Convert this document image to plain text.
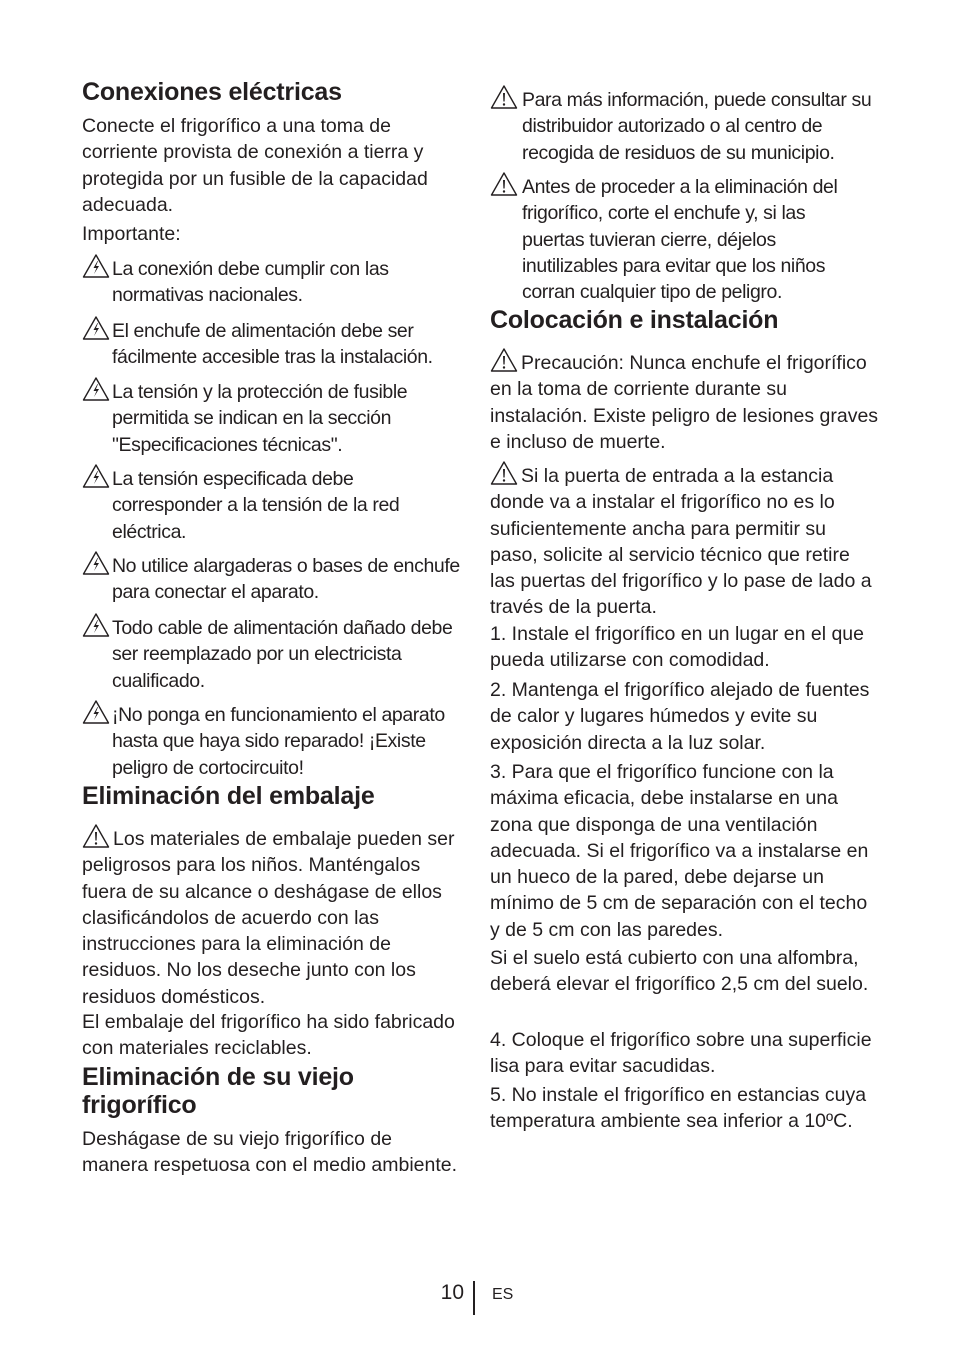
Conexiones eléctricas

Conecte el frigorífico a una toma de corriente provista de conexión a tierra y protegida por un fusible de la capacidad adecuada.

Importante:

La conexión debe cumplir con las normativas nacionales.
El enchufe de alimentación debe ser fácilmente accesible tras la instalación.
La tensión y la protección de fusible permitida se indican en la sección "Especificaciones técnicas".
La tensión especificada debe corresponder a la tensión de la red eléctrica.
No utilice alargaderas o bases de enchufe para conectar el aparato.
Todo cable de alimentación dañado debe ser reemplazado por un electricista cualificado.
¡No ponga en funcionamiento el aparato hasta que haya sido reparado! ¡Existe peligro de cortocircuito!
Eliminación del embalaje

Los materiales de embalaje pueden ser peligrosos para los niños. Manténgalos fuera de su alcance o deshágase de ellos clasificándolos de acuerdo con las instrucciones para la eliminación de residuos. No los deseche junto con los residuos domésticos.

El embalaje del frigorífico ha sido fabricado con materiales reciclables.

Eliminación de su viejo frigorífico

Deshágase de su viejo frigorífico de manera respetuosa con el medio ambiente.

Para más información, puede consultar su distribuidor autorizado o al centro de recogida de residuos de su municipio.
Antes de proceder a la eliminación del frigorífico, corte el enchufe y, si las puertas tuvieran cierre, déjelos inutilizables para evitar que los niños corran cualquier tipo de peligro.
Colocación e instalación

Precaución: Nunca enchufe el frigorífico en la toma de corriente durante su instalación. Existe peligro de lesiones graves e incluso de muerte.

Si la puerta de entrada a la estancia donde va a instalar el frigorífico no es lo suficientemente ancha para permitir su paso, solicite al servicio técnico que retire las puertas del frigorífico y lo pase de lado a través de la puerta.

1. Instale el frigorífico en un lugar en el que pueda utilizarse con comodidad.

2. Mantenga el frigorífico alejado de fuentes de calor y lugares húmedos y evite su exposición directa a la luz solar.

3. Para que el frigorífico funcione con la máxima eficacia, debe instalarse en una zona que disponga de una ventilación adecuada. Si el frigorífico va a instalarse en un hueco de la pared, debe dejarse un mínimo de 5 cm de separación con el techo y de 5 cm con las paredes.

Si el suelo está cubierto con una alfombra, deberá elevar el frigorífico 2,5 cm del suelo.

4. Coloque el frigorífico sobre una superficie lisa para evitar sacudidas.

5. No instale el frigorífico en estancias cuya temperatura ambiente sea inferior a 10ºC.

10 ES
